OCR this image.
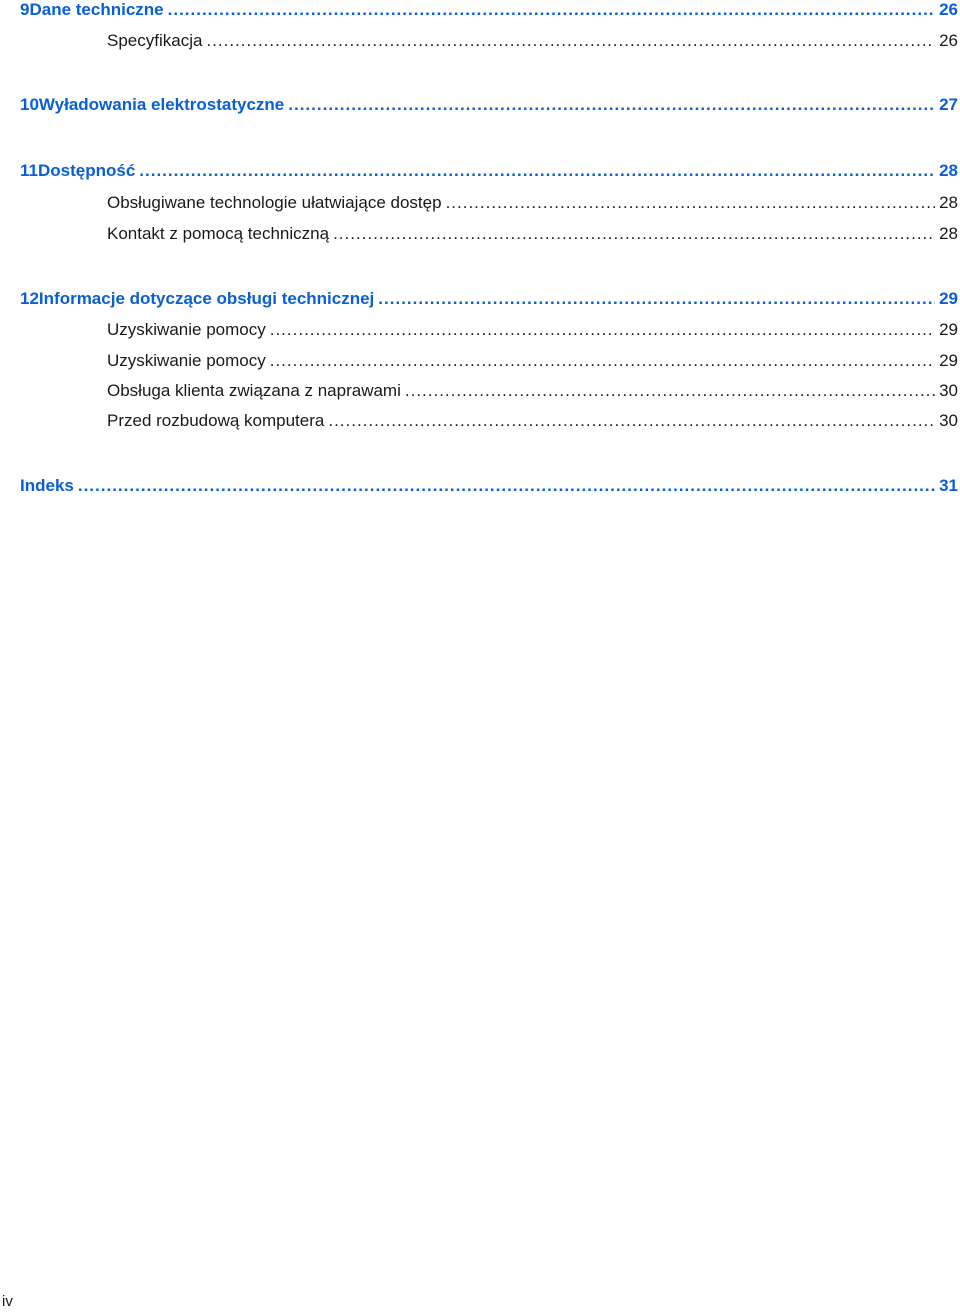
9 Dane techniczne .....	26
Specyfikacja .....	26
10 Wyładowania elektrostatyczne .....	27
11 Dostępność .....	28
Obsługiwane technologie ułatwiające dostęp .....	28
Kontakt z pomocą techniczną .....	28
12 Informacje dotyczące obsługi technicznej .....	29
Uzyskiwanie pomocy .....	29
Uzyskiwanie pomocy .....	29
Obsługa klienta związana z naprawami .....	30
Przed rozbudową komputera .....	30
Indeks .....	31
iv
